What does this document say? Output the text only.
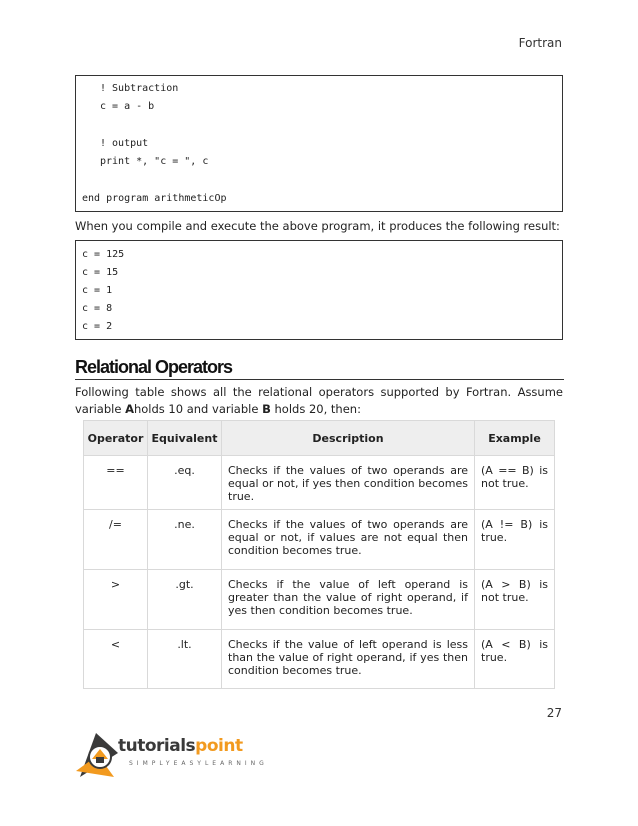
Fortran
! Subtraction
c = a - b
! output
print *, "c = ", c
end program arithmeticOp
When you compile and execute the above program, it produces the following result:
c = 125
c = 15
c = 1
c = 8
c = 2
Relational Operators
Following table shows all the relational operators supported by Fortran. Assume
variable Aholds 10 and variable B holds 20, then:
Operator	Equivalent	Description	Example
==	.eq.	Checks if the values of two operands are equal or not, if yes then condition becomes true.	(A == B) is not true.
/=	.ne.	Checks if the values of two operands are equal or not, if values are not equal then condition becomes true.	(A != B) is true.
>	.gt.	Checks if the value of left operand is greater than the value of right operand, if yes then condition becomes true.	(A > B) is not true.
<	.lt.	Checks if the value of left operand is less than the value of right operand, if yes then condition becomes true.	(A < B) is true.
27
tutorialspoint
SIMPLYEASYLEARNING
